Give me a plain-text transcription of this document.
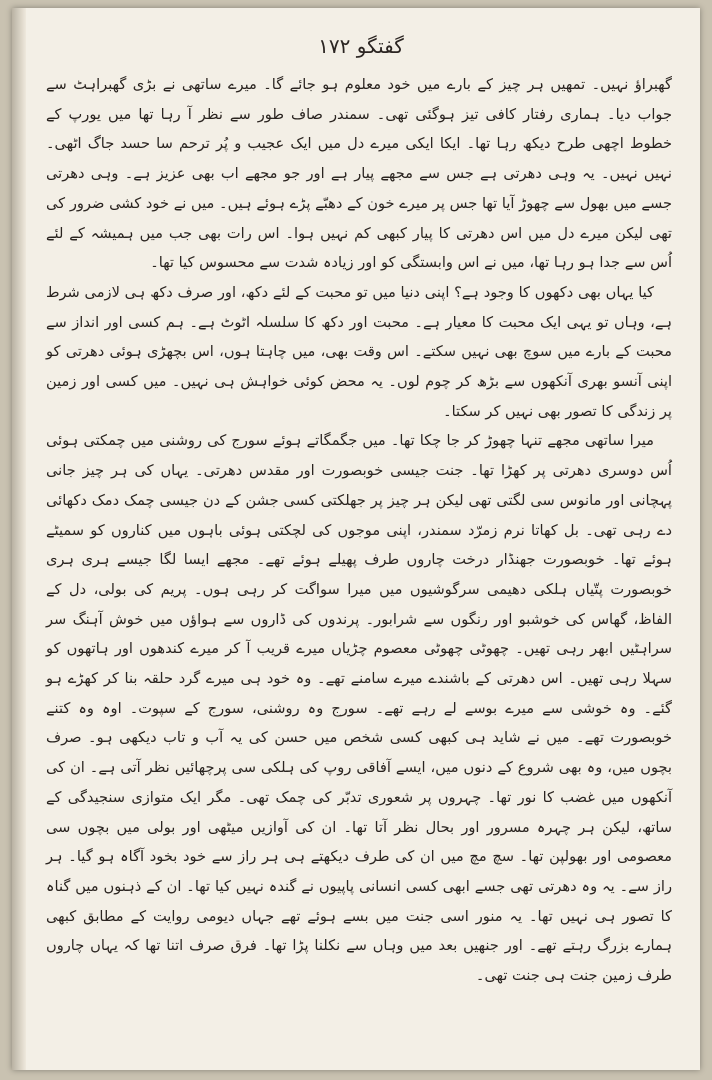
گفتگو ۱۷۲

گھبراؤ نہیں۔ تمھیں ہر چیز کے بارے میں خود معلوم ہو جائے گا۔ میرے ساتھی نے بڑی گھبراہٹ سے جواب دیا۔ ہماری رفتار کافی تیز ہوگئی تھی۔ سمندر صاف طور سے نظر آ رہا تھا میں یورپ کے خطوط اچھی طرح دیکھ رہا تھا۔ ایکا ایکی میرے دل میں ایک عجیب و پُر ترحم سا حسد جاگ اٹھی۔ نہیں نہیں۔ یہ وہی دھرتی ہے جس سے مجھے پیار ہے اور جو مجھے اب بھی عزیز ہے۔ وہی دھرتی جسے میں بھول سے چھوڑ آیا تھا جس پر میرے خون کے دھبّے پڑے ہوئے ہیں۔ میں نے خود کشی ضرور کی تھی لیکن میرے دل میں اس دھرتی کا پیار کبھی کم نہیں ہوا۔ اس رات بھی جب میں ہمیشہ کے لئے اُس سے جدا ہو رہا تھا، میں نے اس وابستگی کو اور زیادہ شدت سے محسوس کیا تھا۔

کیا یہاں بھی دکھوں کا وجود ہے؟ اپنی دنیا میں تو محبت کے لئے دکھ، اور صرف دکھ ہی لازمی شرط ہے، وہاں تو یہی ایک محبت کا معیار ہے۔ محبت اور دکھ کا سلسلہ اٹوٹ ہے۔ ہم کسی اور انداز سے محبت کے بارے میں سوچ بھی نہیں سکتے۔ اس وقت بھی، میں چاہتا ہوں، اس بچھڑی ہوئی دھرتی کو اپنی آنسو بھری آنکھوں سے بڑھ کر چوم لوں۔ یہ محض کوئی خواہش ہی نہیں۔ میں کسی اور زمین پر زندگی کا تصور بھی نہیں کر سکتا۔

میرا ساتھی مجھے تنہا چھوڑ کر جا چکا تھا۔ میں جگمگاتے ہوئے سورج کی روشنی میں چمکتی ہوئی اُس دوسری دھرتی پر کھڑا تھا۔ جنت جیسی خوبصورت اور مقدس دھرتی۔ یہاں کی ہر چیز جانی پہچانی اور مانوس سی لگتی تھی لیکن ہر چیز پر جھلکتی کسی جشن کے دن جیسی چمک دمک دکھائی دے رہی تھی۔ بل کھاتا نرم زمرّد سمندر، اپنی موجوں کی لچکتی ہوئی باہوں میں کناروں کو سمیٹے ہوئے تھا۔ خوبصورت جھنڈار درخت چاروں طرف پھیلے ہوئے تھے۔ مجھے ایسا لگا جیسے ہری ہری خوبصورت پتّیاں ہلکی دھیمی سرگوشیوں میں میرا سواگت کر رہی ہوں۔ پریم کی بولی، دل کے الفاظ، گھاس کی خوشبو اور رنگوں سے شرابور۔ پرندوں کی ڈاروں سے ہواؤں میں خوش آہنگ سر سراہٹیں ابھر رہی تھیں۔ چھوٹی چھوٹی معصوم چڑیاں میرے قریب آ کر میرے کندھوں اور ہاتھوں کو سہلا رہی تھیں۔ اس دھرتی کے باشندے میرے سامنے تھے۔ وہ خود ہی میرے گرد حلقہ بنا کر کھڑے ہو گئے۔ وہ خوشی سے میرے بوسے لے رہے تھے۔ سورج وہ روشنی، سورج کے سپوت۔ اوہ وہ کتنے خوبصورت تھے۔ میں نے شاید ہی کبھی کسی شخص میں حسن کی یہ آب و تاب دیکھی ہو۔ صرف بچوں میں، وہ بھی شروع کے دنوں میں، ایسے آفاقی روپ کی ہلکی سی پرچھائیں نظر آتی ہے۔ ان کی آنکھوں میں غضب کا نور تھا۔ چہروں پر شعوری تدبّر کی چمک تھی۔ مگر ایک متوازی سنجیدگی کے ساتھ، لیکن ہر چہرہ مسرور اور بحال نظر آتا تھا۔ ان کی آوازیں میٹھی اور بولی میں بچوں سی معصومی اور بھولپن تھا۔ سچ مچ میں ان کی طرف دیکھتے ہی ہر راز سے خود بخود آگاہ ہو گیا۔ ہر راز سے۔ یہ وہ دھرتی تھی جسے ابھی کسی انسانی پاپیوں نے گندہ نہیں کیا تھا۔ ان کے ذہنوں میں گناہ کا تصور ہی نہیں تھا۔ یہ منور اسی جنت میں بسے ہوئے تھے جہاں دیومی روایت کے مطابق کبھی ہمارے بزرگ رہتے تھے۔ اور جنھیں بعد میں وہاں سے نکلنا پڑا تھا۔ فرق صرف اتنا تھا کہ یہاں چاروں طرف زمین جنت ہی جنت تھی۔
